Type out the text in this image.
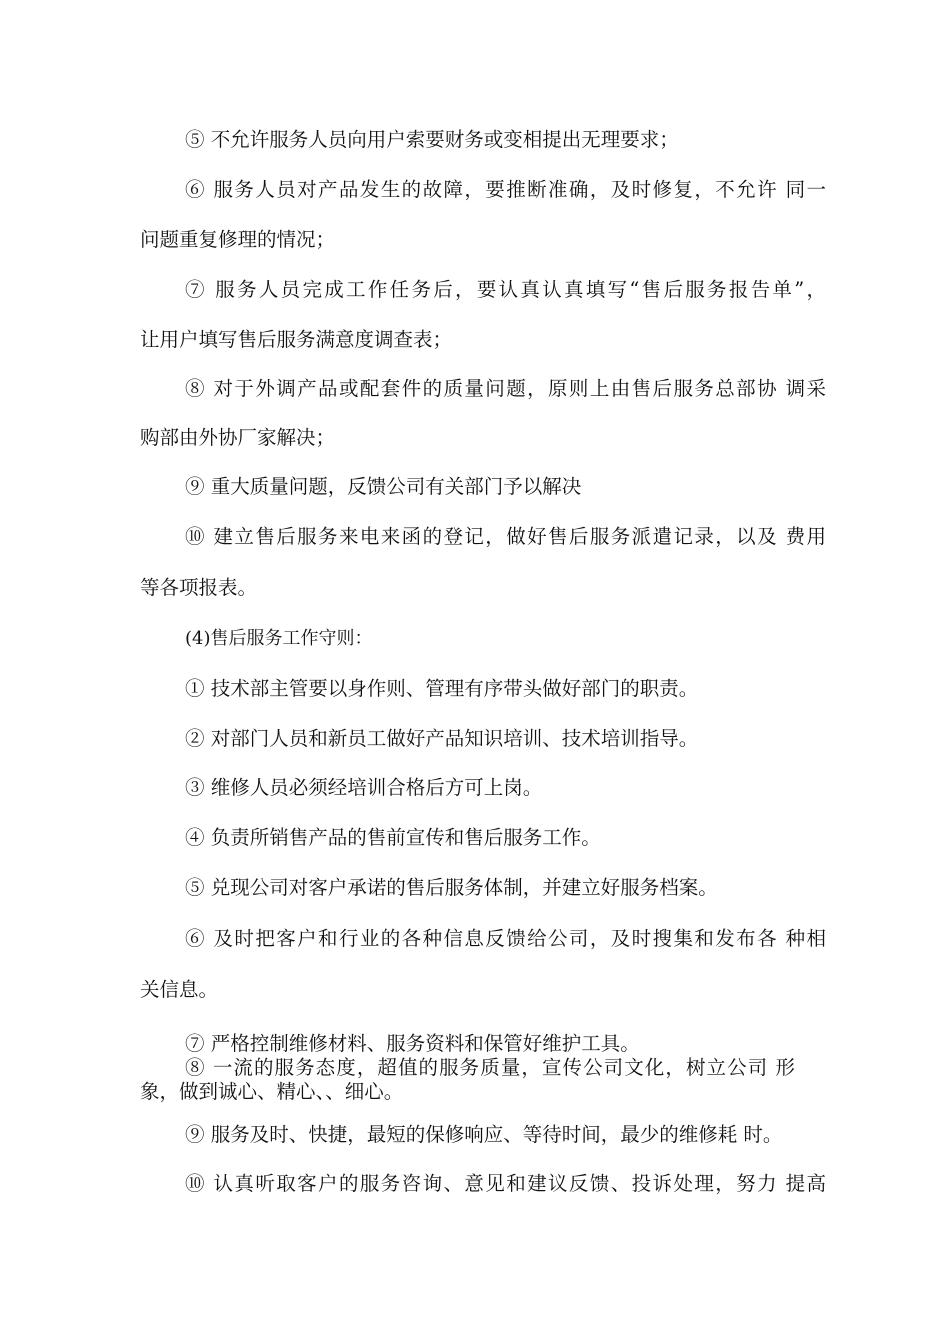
⑤ 不允许服务人员向用户索要财务或变相提出无理要求；
⑥ 服务人员对产品发生的故障，要推断准确，及时修复，不允许 同一
问题重复修理的情况；
⑦ 服务人员完成工作任务后，要认真认真填写“售后服务报告单”，
让用户填写售后服务满意度调查表；
⑧ 对于外调产品或配套件的质量问题，原则上由售后服务总部协 调采
购部由外协厂家解决；
⑨ 重大质量问题，反馈公司有关部门予以解决
⑩ 建立售后服务来电来函的登记，做好售后服务派遣记录，以及 费用
等各项报表。
(4)售后服务工作守则：
① 技术部主管要以身作则、管理有序带头做好部门的职责。
② 对部门人员和新员工做好产品知识培训、技术培训指导。
③ 维修人员必须经培训合格后方可上岗。
④ 负责所销售产品的售前宣传和售后服务工作。
⑤ 兑现公司对客户承诺的售后服务体制，并建立好服务档案。
⑥ 及时把客户和行业的各种信息反馈给公司，及时搜集和发布各 种相
关信息。
⑦ 严格控制维修材料、服务资料和保管好维护工具。
⑧ 一流的服务态度，超值的服务质量，宣传公司文化，树立公司 形
象，做到诚心、精心、、细心。
⑨ 服务及时、快捷，最短的保修响应、等待时间，最少的维修耗 时。
⑩ 认真听取客户的服务咨询、意见和建议反馈、投诉处理，努力 提高
